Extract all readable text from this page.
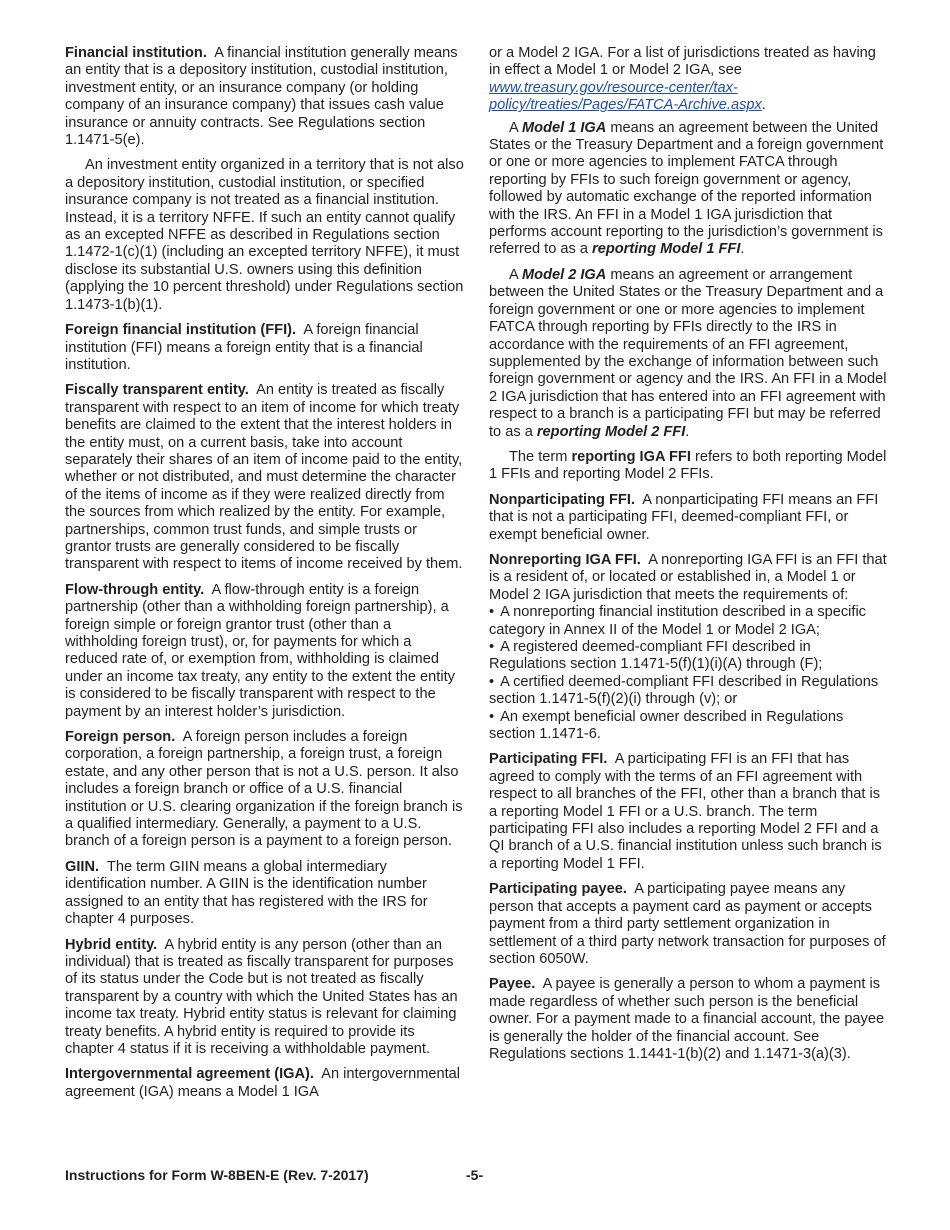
Financial institution. A financial institution generally means an entity that is a depository institution, custodial institution, investment entity, or an insurance company (or holding company of an insurance company) that issues cash value insurance or annuity contracts. See Regulations section 1.1471-5(e).

An investment entity organized in a territory that is not also a depository institution, custodial institution, or specified insurance company is not treated as a financial institution. Instead, it is a territory NFFE. If such an entity cannot qualify as an excepted NFFE as described in Regulations section 1.1472-1(c)(1) (including an excepted territory NFFE), it must disclose its substantial U.S. owners using this definition (applying the 10 percent threshold) under Regulations section 1.1473-1(b)(1).

Foreign financial institution (FFI). A foreign financial institution (FFI) means a foreign entity that is a financial institution.

Fiscally transparent entity. An entity is treated as fiscally transparent with respect to an item of income for which treaty benefits are claimed to the extent that the interest holders in the entity must, on a current basis, take into account separately their shares of an item of income paid to the entity, whether or not distributed, and must determine the character of the items of income as if they were realized directly from the sources from which realized by the entity. For example, partnerships, common trust funds, and simple trusts or grantor trusts are generally considered to be fiscally transparent with respect to items of income received by them.

Flow-through entity. A flow-through entity is a foreign partnership (other than a withholding foreign partnership), a foreign simple or foreign grantor trust (other than a withholding foreign trust), or, for payments for which a reduced rate of, or exemption from, withholding is claimed under an income tax treaty, any entity to the extent the entity is considered to be fiscally transparent with respect to the payment by an interest holder’s jurisdiction.

Foreign person. A foreign person includes a foreign corporation, a foreign partnership, a foreign trust, a foreign estate, and any other person that is not a U.S. person. It also includes a foreign branch or office of a U.S. financial institution or U.S. clearing organization if the foreign branch is a qualified intermediary. Generally, a payment to a U.S. branch of a foreign person is a payment to a foreign person.

GIIN. The term GIIN means a global intermediary identification number. A GIIN is the identification number assigned to an entity that has registered with the IRS for chapter 4 purposes.

Hybrid entity. A hybrid entity is any person (other than an individual) that is treated as fiscally transparent for purposes of its status under the Code but is not treated as fiscally transparent by a country with which the United States has an income tax treaty. Hybrid entity status is relevant for claiming treaty benefits. A hybrid entity is required to provide its chapter 4 status if it is receiving a withholdable payment.

Intergovernmental agreement (IGA). An intergovernmental agreement (IGA) means a Model 1 IGA

or a Model 2 IGA. For a list of jurisdictions treated as having in effect a Model 1 or Model 2 IGA, see www.treasury.gov/resource-center/tax-policy/treaties/Pages/FATCA-Archive.aspx.

A Model 1 IGA means an agreement between the United States or the Treasury Department and a foreign government or one or more agencies to implement FATCA through reporting by FFIs to such foreign government or agency, followed by automatic exchange of the reported information with the IRS. An FFI in a Model 1 IGA jurisdiction that performs account reporting to the jurisdiction’s government is referred to as a reporting Model 1 FFI.

A Model 2 IGA means an agreement or arrangement between the United States or the Treasury Department and a foreign government or one or more agencies to implement FATCA through reporting by FFIs directly to the IRS in accordance with the requirements of an FFI agreement, supplemented by the exchange of information between such foreign government or agency and the IRS. An FFI in a Model 2 IGA jurisdiction that has entered into an FFI agreement with respect to a branch is a participating FFI but may be referred to as a reporting Model 2 FFI.

The term reporting IGA FFI refers to both reporting Model 1 FFIs and reporting Model 2 FFIs.

Nonparticipating FFI. A nonparticipating FFI means an FFI that is not a participating FFI, deemed-compliant FFI, or exempt beneficial owner.

Nonreporting IGA FFI. A nonreporting IGA FFI is an FFI that is a resident of, or located or established in, a Model 1 or Model 2 IGA jurisdiction that meets the requirements of:

• A nonreporting financial institution described in a specific category in Annex II of the Model 1 or Model 2 IGA;
• A registered deemed-compliant FFI described in Regulations section 1.1471-5(f)(1)(i)(A) through (F);
• A certified deemed-compliant FFI described in Regulations section 1.1471-5(f)(2)(i) through (v); or
• An exempt beneficial owner described in Regulations section 1.1471-6.

Participating FFI. A participating FFI is an FFI that has agreed to comply with the terms of an FFI agreement with respect to all branches of the FFI, other than a branch that is a reporting Model 1 FFI or a U.S. branch. The term participating FFI also includes a reporting Model 2 FFI and a QI branch of a U.S. financial institution unless such branch is a reporting Model 1 FFI.

Participating payee. A participating payee means any person that accepts a payment card as payment or accepts payment from a third party settlement organization in settlement of a third party network transaction for purposes of section 6050W.

Payee. A payee is generally a person to whom a payment is made regardless of whether such person is the beneficial owner. For a payment made to a financial account, the payee is generally the holder of the financial account. See Regulations sections 1.1441-1(b)(2) and 1.1471-3(a)(3).

Instructions for Form W-8BEN-E (Rev. 7-2017)	-5-
